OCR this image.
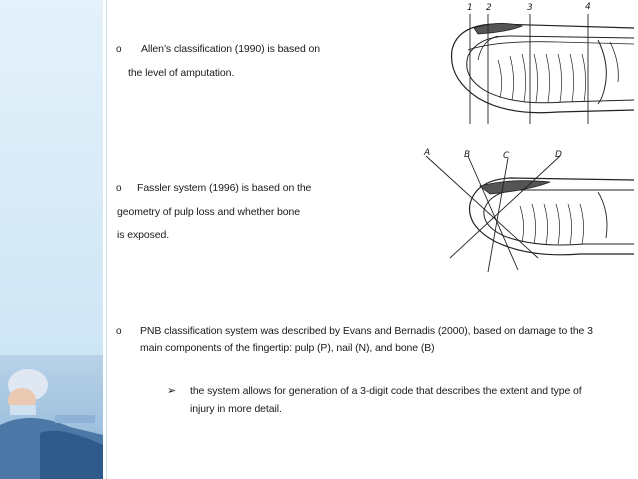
o Allen’s classification (1990) is based on
the level of amputation.
o Fassler system (1996) is based on the
geometry of pulp loss and whether bone
is exposed.
o PNB classification system was described by Evans and Bernadis (2000), based on damage to the 3
main components of the fingertip: pulp (P), nail (N), and bone (B)
➢ the system allows for generation of a 3-digit code that describes the extent and type of
injury in more detail.
1 2	3	4
A	B	C	D
